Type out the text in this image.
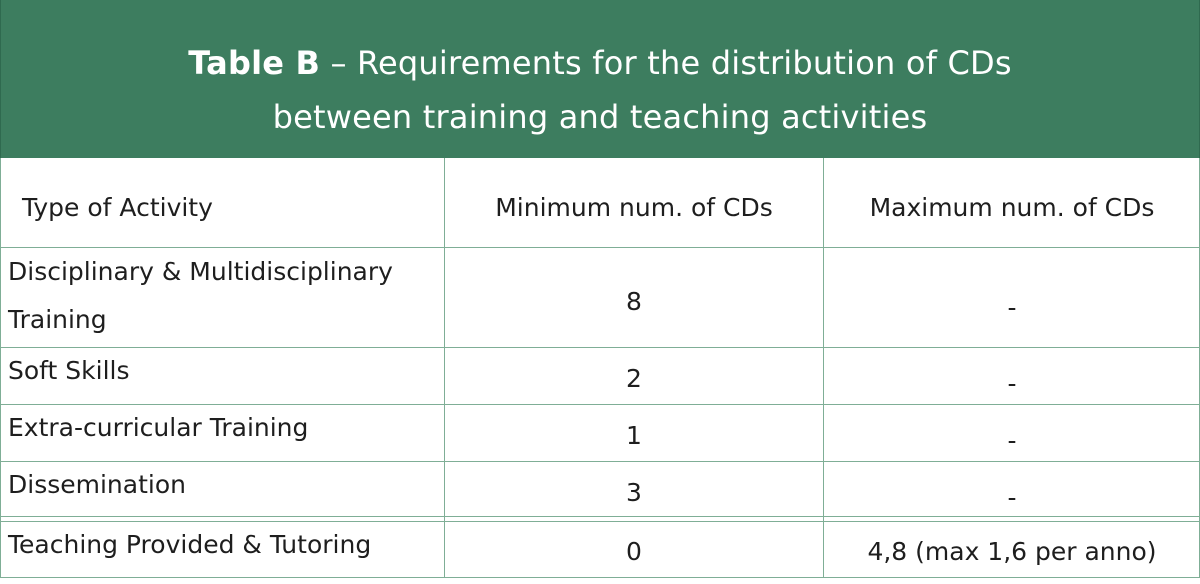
Table B – Requirements for the distribution of CDs
between training and teaching activities
Type of Activity	Minimum num. of CDs	Maximum num. of CDs
Disciplinary & Multidisciplinary
Training
8	-
Soft Skills	2	-
Extra-curricular Training	1	-
Dissemination	3	-
Teaching Provided & Tutoring	0	4,8 (max 1,6 per anno)
